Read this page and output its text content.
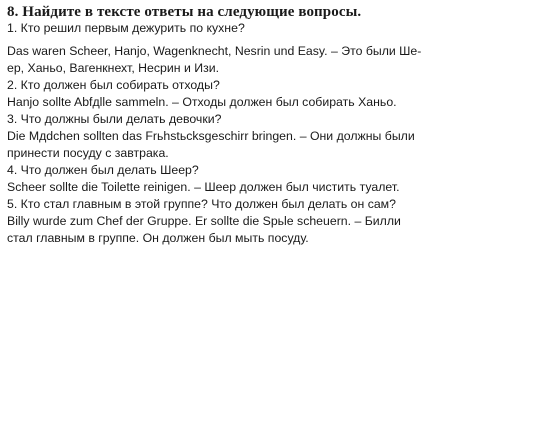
8. Найдите в тексте ответы на следующие вопросы.

1. Кто решил первым дежурить по кухне?

Das waren Scheer, Hanjo, Wagenknecht, Nesrin und Easy. – Это были Ше-
ер, Ханьо, Вагенкнехт, Несрин и Изи.
2. Кто должен был собирать отходы?
Hanjo sollte Abfдlle sammeln. – Отходы должен был собирать Ханьо.
3. Что должны были делать девочки?
Die Mдdchen sollten das Frьhstьcksgeschirr bringen. – Они должны были
принести посуду с завтрака.
4. Что должен был делать Шеер?
Scheer sollte die Toilette reinigen. – Шеер должен был чистить туалет.
5. Кто стал главным в этой группе? Что должен был делать он сам?
Billy wurde zum Chef der Gruppe. Er sollte die Spьle scheuern. – Билли
стал главным в группе. Он должен был мыть посуду.
